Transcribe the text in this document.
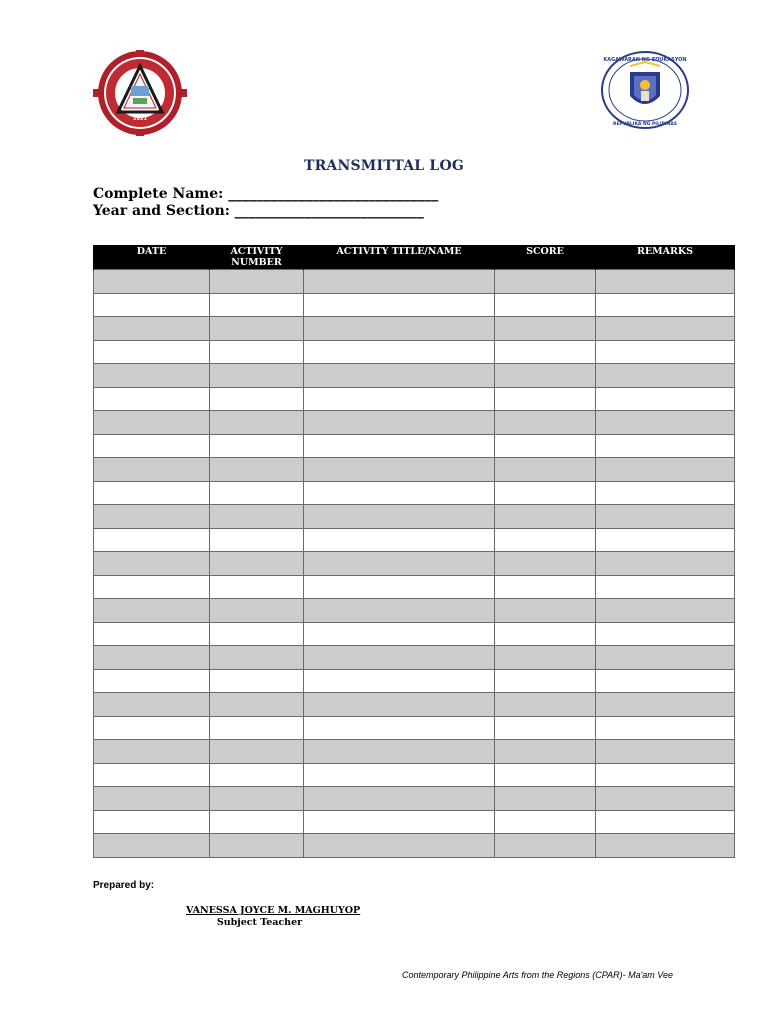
1921
KAGAWARAN NG EDUKASYON
REPUBLIKA NG PILIPINAS
TRANSMITTAL LOG
Complete Name: ______________________________
Year and Section: ___________________________
DATE	ACTIVITY NUMBER	ACTIVITY TITLE/NAME	SCORE	REMARKS

Prepared by:
VANESSA JOYCE M. MAGHUYOP
Subject Teacher
Contemporary Philippine Arts from the Regions (CPAR)- Ma'am Vee
